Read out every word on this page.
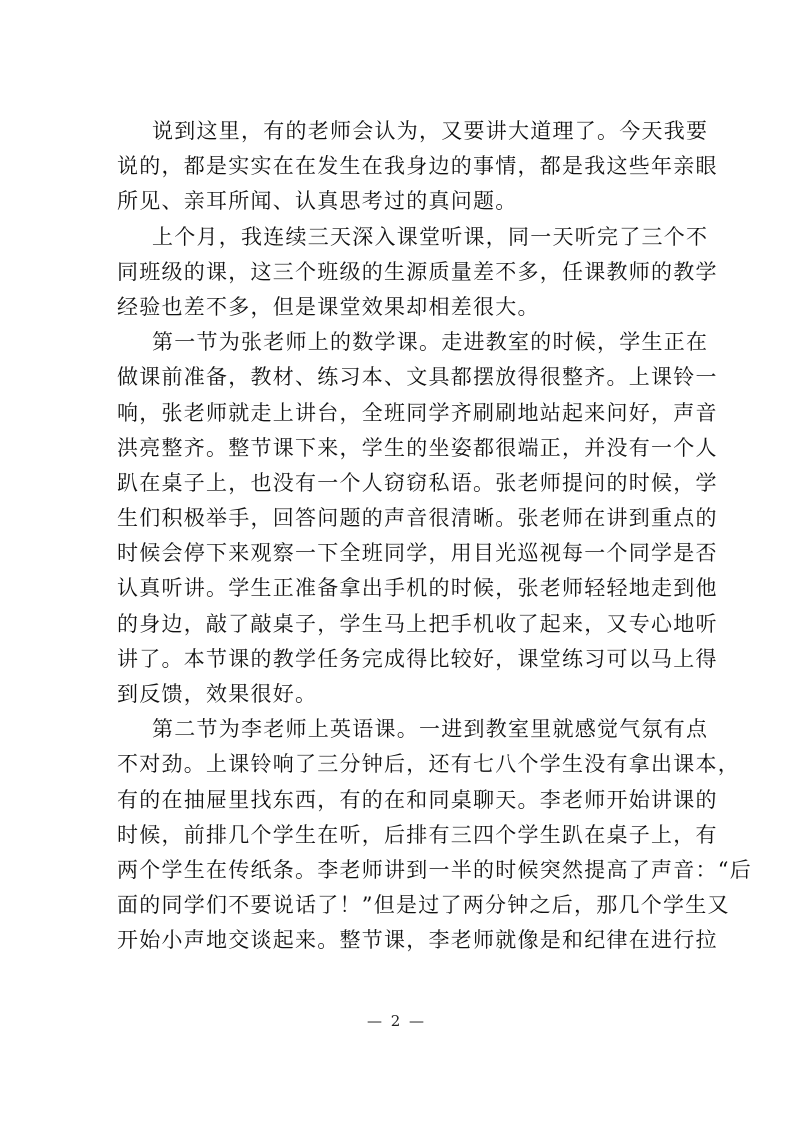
说到这里，有的老师会认为，又要讲大道理了。今天我要
说的，都是实实在在发生在我身边的事情，都是我这些年亲眼
所见、亲耳所闻、认真思考过的真问题。
上个月，我连续三天深入课堂听课，同一天听完了三个不
同班级的课，这三个班级的生源质量差不多，任课教师的教学
经验也差不多，但是课堂效果却相差很大。
第一节为张老师上的数学课。走进教室的时候，学生正在
做课前准备，教材、练习本、文具都摆放得很整齐。上课铃一
响，张老师就走上讲台，全班同学齐刷刷地站起来问好，声音
洪亮整齐。整节课下来，学生的坐姿都很端正，并没有一个人
趴在桌子上，也没有一个人窃窃私语。张老师提问的时候，学
生们积极举手，回答问题的声音很清晰。张老师在讲到重点的
时候会停下来观察一下全班同学，用目光巡视每一个同学是否
认真听讲。学生正准备拿出手机的时候，张老师轻轻地走到他
的身边，敲了敲桌子，学生马上把手机收了起来，又专心地听
讲了。本节课的教学任务完成得比较好，课堂练习可以马上得
到反馈，效果很好。
第二节为李老师上英语课。一进到教室里就感觉气氛有点
不对劲。上课铃响了三分钟后，还有七八个学生没有拿出课本，
有的在抽屉里找东西，有的在和同桌聊天。李老师开始讲课的
时候，前排几个学生在听，后排有三四个学生趴在桌子上，有
两个学生在传纸条。李老师讲到一半的时候突然提高了声音：“后
面的同学们不要说话了！”但是过了两分钟之后，那几个学生又
开始小声地交谈起来。整节课，李老师就像是和纪律在进行拉
— 2 —
